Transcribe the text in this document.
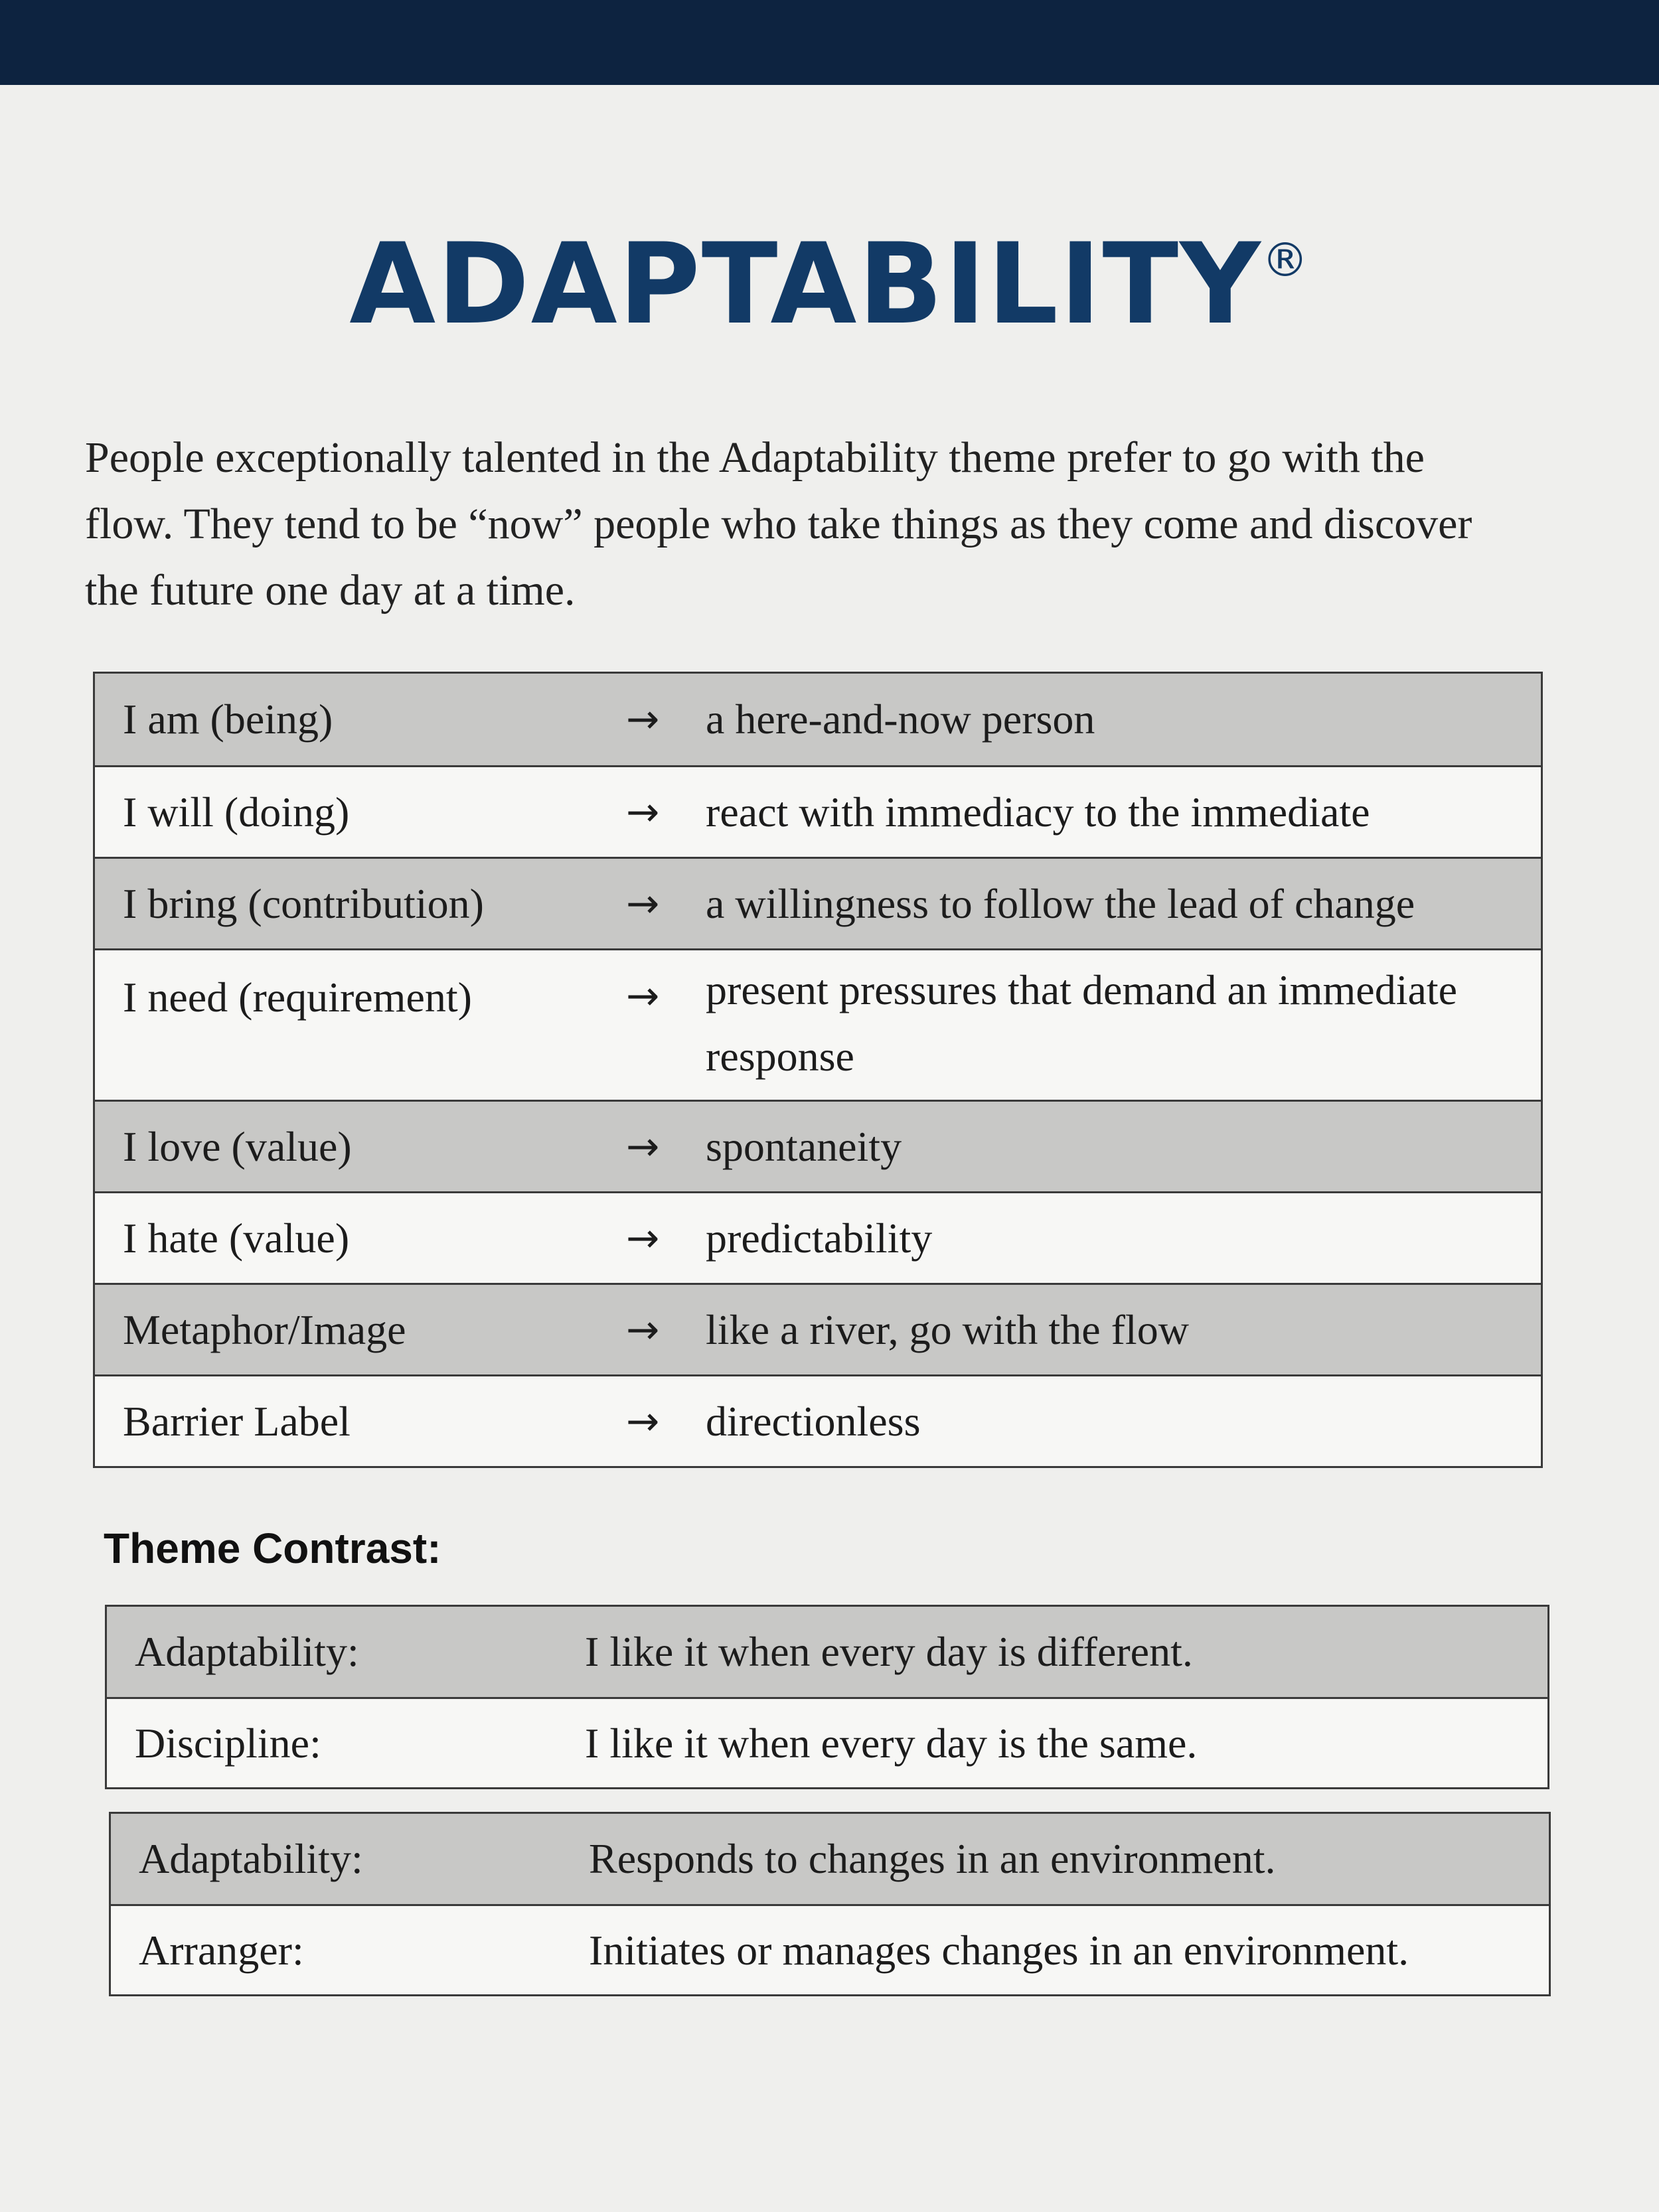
ADAPTABILITY®
People exceptionally talented in the Adaptability theme prefer to go with the flow. They tend to be “now” people who take things as they come and discover the future one day at a time.
I am (being)	→ a here-and-now person
I will (doing)	→ react with immediacy to the immediate
I bring (contribution)	→ a willingness to follow the lead of change
I need (requirement)	→ present pressures that demand an immediate response
I love (value)	→ spontaneity
I hate (value)	→ predictability
Metaphor/Image	→ like a river, go with the flow
Barrier Label	→ directionless
Theme Contrast:
Adaptability:	I like it when every day is different.
Discipline:	I like it when every day is the same.
Adaptability:	Responds to changes in an environment.
Arranger:	Initiates or manages changes in an environment.
